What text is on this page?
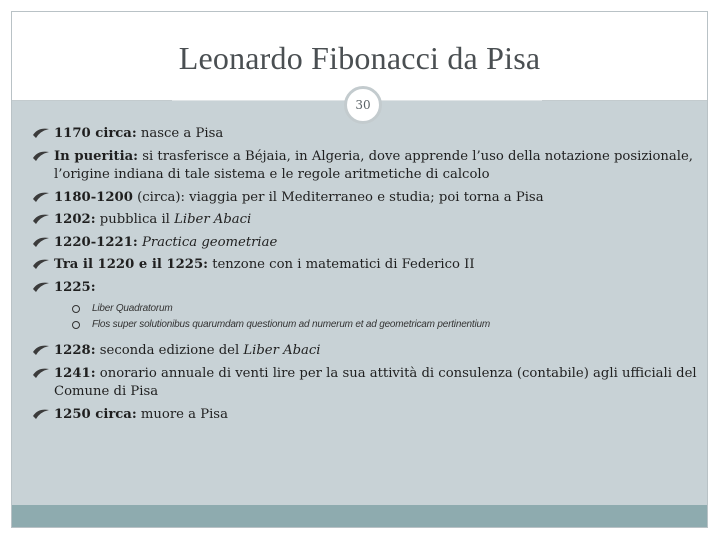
Leonardo Fibonacci da Pisa
30
1170 circa: nasce a Pisa
In pueritia: si trasferisce a Béjaia, in Algeria, dove apprende l’uso della notazione posizionale, l’origine indiana di tale sistema e le regole aritmetiche di calcolo
1180-1200 (circa): viaggia per il Mediterraneo e studia; poi torna a Pisa
1202: pubblica il Liber Abaci
1220-1221: Practica geometriae
Tra il 1220 e il 1225: tenzone con i matematici di Federico II
1225:
Liber Quadratorum
Flos super solutionibus quarumdam questionum ad numerum et ad geometricam pertinentium
1228: seconda edizione del Liber Abaci
1241: onorario annuale di venti lire per la sua attività di consulenza (contabile) agli ufficiali del Comune di Pisa
1250 circa: muore a Pisa
